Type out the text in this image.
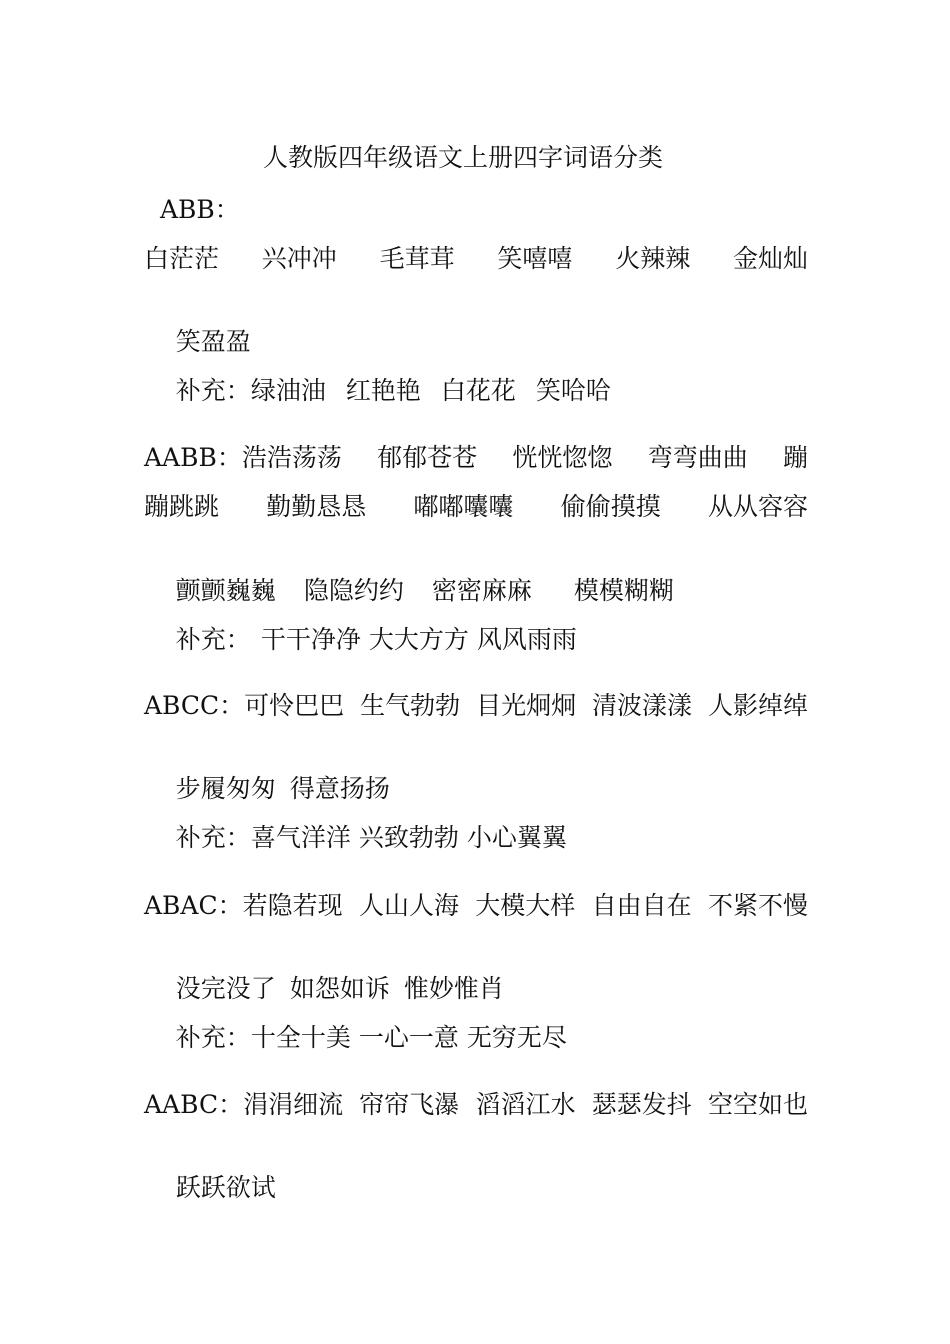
人教版四年级语文上册四字词语分类
ABB：
白茫茫 兴冲冲 毛茸茸 笑嘻嘻 火辣辣 金灿灿

笑盈盈

补充：绿油油 红艳艳 白花花 笑哈哈

AABB：浩浩荡荡 郁郁苍苍 恍恍惚惚 弯弯曲曲 蹦
蹦跳跳 勤勤恳恳 嘟嘟囔囔 偷偷摸摸 从从容容

颤颤巍巍 隐隐约约 密密麻麻 模模糊糊

补充： 干干净净 大大方方 风风雨雨

ABCC：可怜巴巴 生气勃勃 目光炯炯 清波漾漾 人影绰绰

步履匆匆 得意扬扬

补充：喜气洋洋 兴致勃勃 小心翼翼

ABAC：若隐若现 人山人海 大模大样 自由自在 不紧不慢

没完没了 如怨如诉 惟妙惟肖

补充：十全十美 一心一意 无穷无尽

AABC：涓涓细流 帘帘飞瀑 滔滔江水 瑟瑟发抖 空空如也

跃跃欲试
